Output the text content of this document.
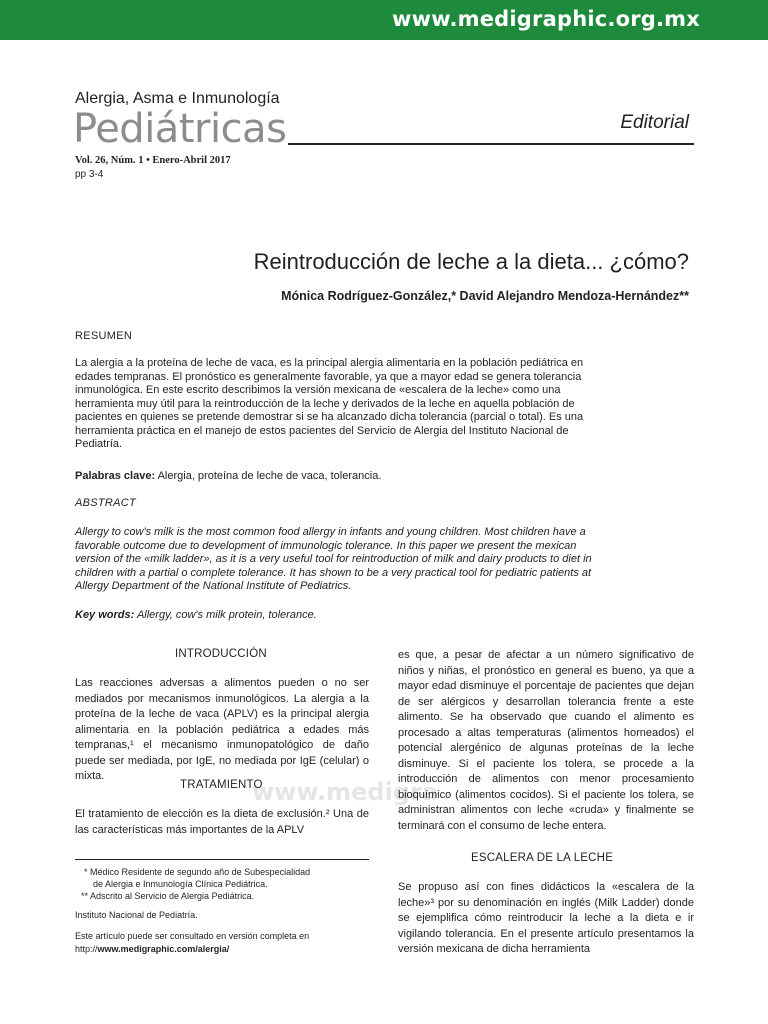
www.medigraphic.org.mx
Alergia, Asma e Inmunología
Pediátricas	Editorial
Vol. 26, Núm. 1 • Enero-Abril 2017
pp 3-4
Reintroducción de leche a la dieta... ¿cómo?
Mónica Rodríguez-González,* David Alejandro Mendoza-Hernández**
RESUMEN
La alergia a la proteína de leche de vaca, es la principal alergia alimentaria en la población pediátrica en edades tempranas. El pronóstico es generalmente favorable, ya que a mayor edad se genera tolerancia inmunológica. En este escrito describimos la versión mexicana de «escalera de la leche» como una herramienta muy útil para la reintroducción de la leche y derivados de la leche en aquella población de pacientes en quienes se pretende demostrar si se ha alcanzado dicha tolerancia (parcial o total). Es una herramienta práctica en el manejo de estos pacientes del Servicio de Alergia del Instituto Nacional de Pediatría.
Palabras clave: Alergia, proteína de leche de vaca, tolerancia.
ABSTRACT
Allergy to cow's milk is the most common food allergy in infants and young children. Most children have a favorable outcome due to development of immunologic tolerance. In this paper we present the mexican version of the «milk ladder», as it is a very useful tool for reintroduction of milk and dairy products to diet in children with a partial o complete tolerance. It has shown to be a very practical tool for pediatric patients at Allergy Department of the National Institute of Pediatrics.
Key words: Allergy, cow's milk protein, tolerance.
www.medigra
INTRODUCCIÓN
Las reacciones adversas a alimentos pueden o no ser mediados por mecanismos inmunológicos. La alergia a la proteína de la leche de vaca (APLV) es la principal alergia alimentaria en la población pediátrica a edades más tempranas,¹ el mecanismo inmunopatológico de daño puede ser mediada, por IgE, no mediada por IgE (celular) o mixta.
TRATAMIENTO
El tratamiento de elección es la dieta de exclusión.² Una de las características más importantes de la APLV
* Médico Residente de segundo año de Subespecialidad
de Alergia e Inmunología Clínica Pediátrica.
** Adscrito al Servicio de Alergia Pediátrica.
Instituto Nacional de Pediatría.
Este artículo puede ser consultado en versión completa en
http://www.medigraphic.com/alergia/
es que, a pesar de afectar a un número significativo de niños y niñas, el pronóstico en general es bueno, ya que a mayor edad disminuye el porcentaje de pacientes que dejan de ser alérgicos y desarrollan tolerancia frente a este alimento. Se ha observado que cuando el alimento es procesado a altas temperaturas (alimentos horneados) el potencial alergénico de algunas proteínas de la leche disminuye. Si el paciente los tolera, se procede a la introducción de alimentos con menor procesamiento bioquímico (alimentos cocidos). Si el paciente los tolera, se administran alimentos con leche «cruda» y finalmente se terminará con el consumo de leche entera.
ESCALERA DE LA LECHE
Se propuso así con fines didácticos la «escalera de la leche»³ por su denominación en inglés (Milk Ladder) donde se ejemplifica cómo reintroducir la leche a la dieta e ir vigilando tolerancia. En el presente artículo presentamos la versión mexicana de dicha herramienta
